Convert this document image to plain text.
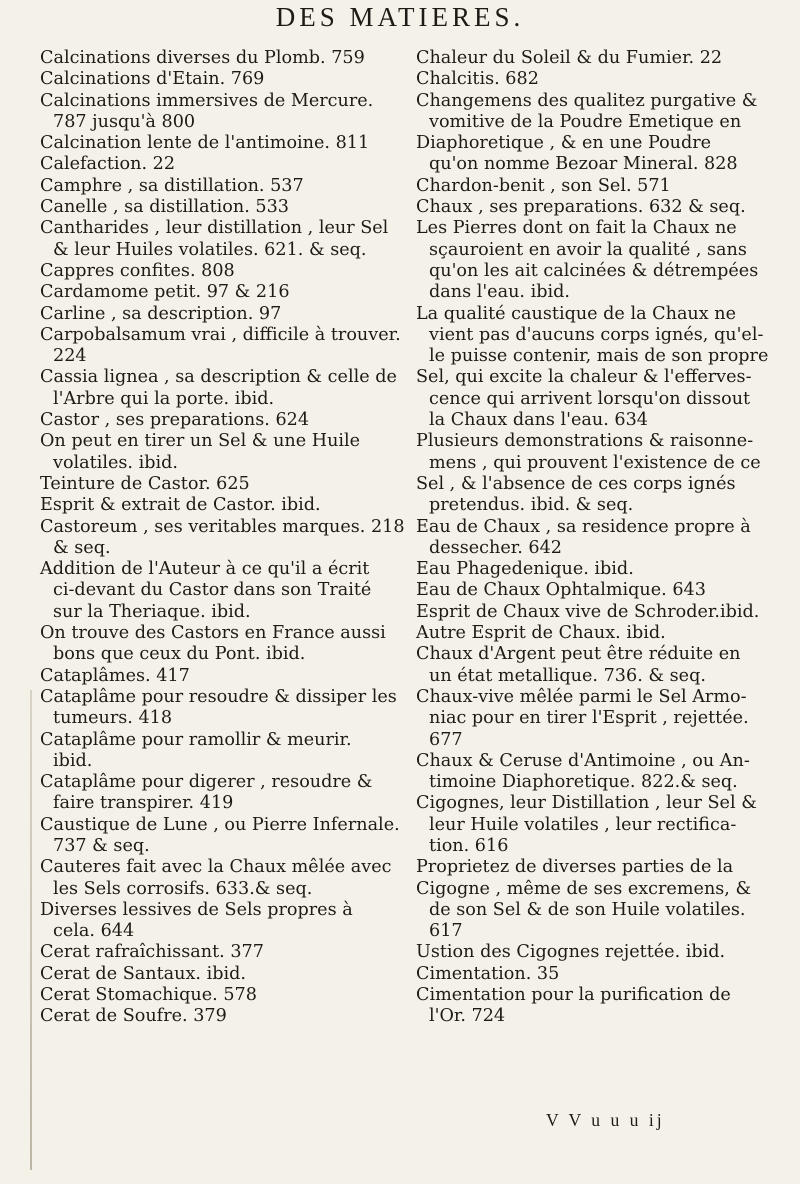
DES MATIERES.
Calcinations diverses du Plomb. 759
Calcinations d'Etain. 769
Calcinations immersives de Mercure.
787 jusqu'à 800
Calcination lente de l'antimoine. 811
Calefaction. 22
Camphre , sa distillation. 537
Canelle , sa distillation. 533
Cantharides , leur distillation , leur Sel
& leur Huiles volatiles. 621. & seq.
Cappres confites. 808
Cardamome petit. 97 & 216
Carline , sa description. 97
Carpobalsamum vrai , difficile à trouver.
224
Cassia lignea , sa description & celle de
l'Arbre qui la porte. ibid.
Castor , ses preparations. 624
On peut en tirer un Sel & une Huile
volatiles. ibid.
Teinture de Castor. 625
Esprit & extrait de Castor. ibid.
Castoreum , ses veritables marques. 218
& seq.
Addition de l'Auteur à ce qu'il a écrit
ci-devant du Castor dans son Traité
sur la Theriaque. ibid.
On trouve des Castors en France aussi
bons que ceux du Pont. ibid.
Cataplâmes. 417
Cataplâme pour resoudre & dissiper les
tumeurs. 418
Cataplâme pour ramollir & meurir.
ibid.
Cataplâme pour digerer , resoudre &
faire transpirer. 419
Caustique de Lune , ou Pierre Infernale.
737 & seq.
Cauteres fait avec la Chaux mêlée avec
les Sels corrosifs. 633.& seq.
Diverses lessives de Sels propres à
cela. 644
Cerat rafraîchissant. 377
Cerat de Santaux. ibid.
Cerat Stomachique. 578
Cerat de Soufre. 379
Chaleur du Soleil & du Fumier. 22
Chalcitis. 682
Changemens des qualitez purgative &
vomitive de la Poudre Emetique en
Diaphoretique , & en une Poudre
qu'on nomme Bezoar Mineral. 828
Chardon-benit , son Sel. 571
Chaux , ses preparations. 632 & seq.
Les Pierres dont on fait la Chaux ne
sçauroient en avoir la qualité , sans
qu'on les ait calcinées & détrempées
dans l'eau. ibid.
La qualité caustique de la Chaux ne
vient pas d'aucuns corps ignés, qu'el-
le puisse contenir, mais de son propre
Sel, qui excite la chaleur & l'efferves-
cence qui arrivent lorsqu'on dissout
la Chaux dans l'eau. 634
Plusieurs demonstrations & raisonne-
mens , qui prouvent l'existence de ce
Sel , & l'absence de ces corps ignés
pretendus. ibid. & seq.
Eau de Chaux , sa residence propre à
dessecher. 642
Eau Phagedenique. ibid.
Eau de Chaux Ophtalmique. 643
Esprit de Chaux vive de Schroder.ibid.
Autre Esprit de Chaux. ibid.
Chaux d'Argent peut être réduite en
un état metallique. 736. & seq.
Chaux-vive mêlée parmi le Sel Armo-
niac pour en tirer l'Esprit , rejettée.
677
Chaux & Ceruse d'Antimoine , ou An-
timoine Diaphoretique. 822.& seq.
Cigognes, leur Distillation , leur Sel &
leur Huile volatiles , leur rectifica-
tion. 616
Proprietez de diverses parties de la
Cigogne , même de ses excremens, &
de son Sel & de son Huile volatiles.
617
Ustion des Cigognes rejettée. ibid.
Cimentation. 35
Cimentation pour la purification de
l'Or. 724
V V u u u ij
